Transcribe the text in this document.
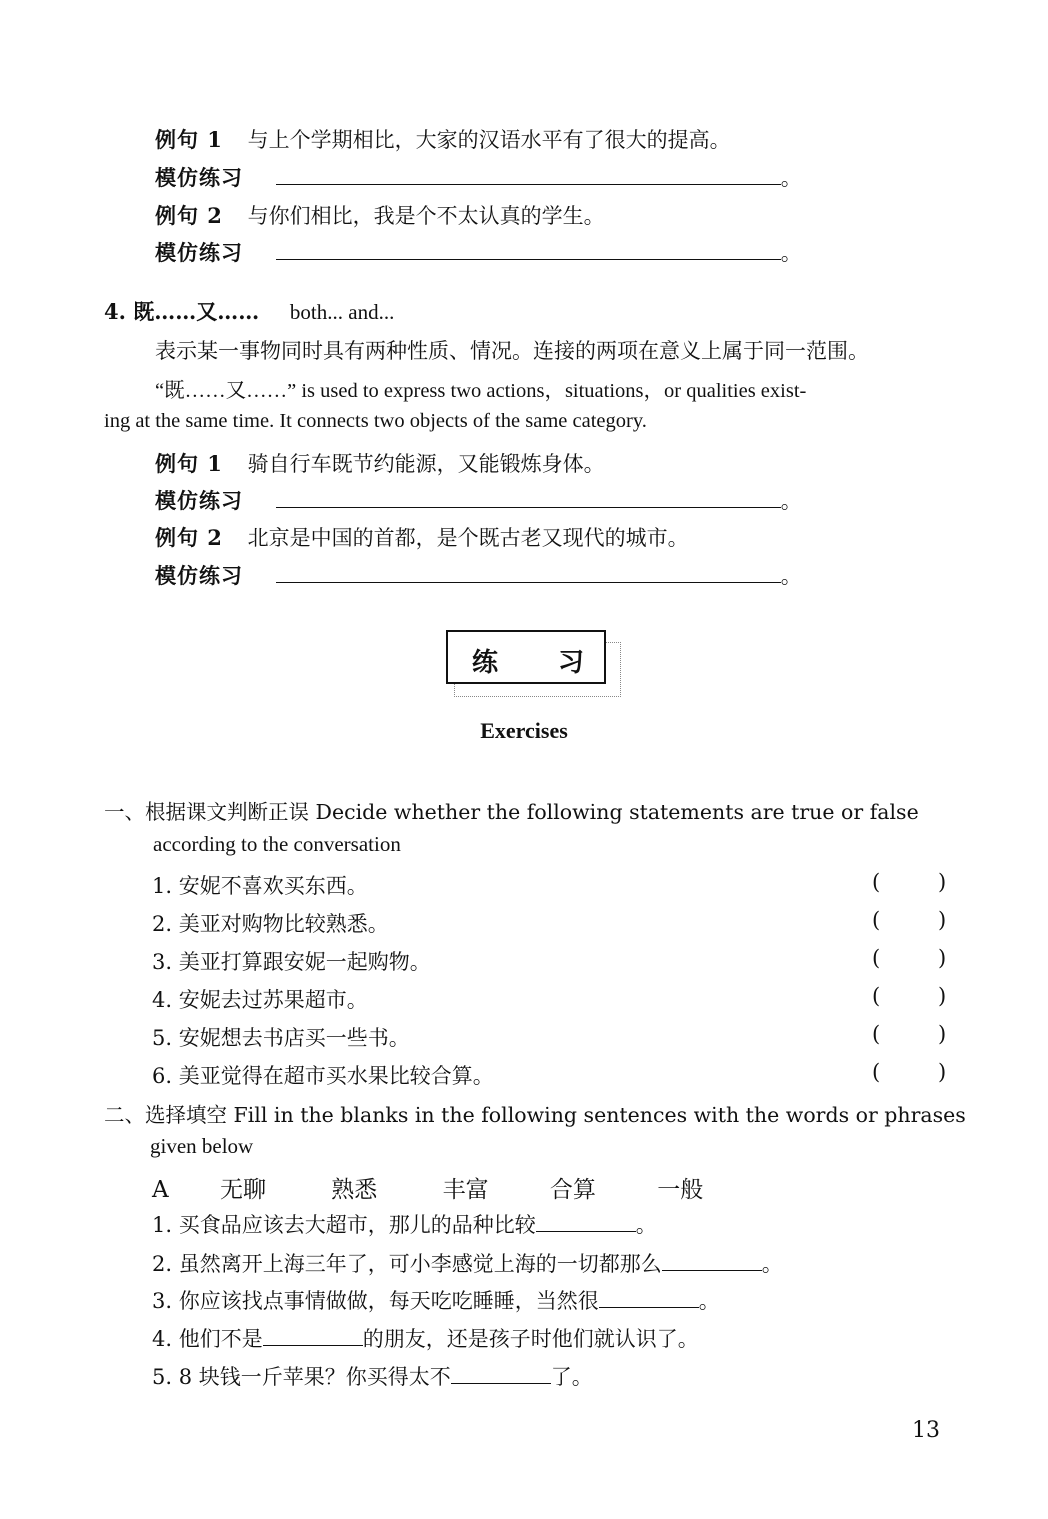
例句 1 与上个学期相比，大家的汉语水平有了很大的提高。
模仿练习	。
例句 2 与你们相比，我是个不太认真的学生。
模仿练习	。
4. 既……又…… both... and...
表示某一事物同时具有两种性质、情况。连接的两项在意义上属于同一范围。
“既……又……” is used to express two actions，situations，or qualities exist-
ing at the same time. It connects two objects of the same category.
例句 1 骑自行车既节约能源，又能锻炼身体。
模仿练习	。
例句 2 北京是中国的首都，是个既古老又现代的城市。
模仿练习	。
练 习
Exercises
一、根据课文判断正误 Decide whether the following statements are true or false
according to the conversation
1. 安妮不喜欢买东西。	(	)
2. 美亚对购物比较熟悉。	(	)
3. 美亚打算跟安妮一起购物。	(	)
4. 安妮去过苏果超市。	(	)
5. 安妮想去书店买一些书。	(	)
6. 美亚觉得在超市买水果比较合算。	(	)
二、选择填空 Fill in the blanks in the following sentences with the words or phrases
given below
A 无聊	熟悉	丰富	合算	一般
1. 买食品应该去大超市，那儿的品种比较	。
2. 虽然离开上海三年了，可小李感觉上海的一切都那么	。
3. 你应该找点事情做做，每天吃吃睡睡，当然很	。
4. 他们不是	的朋友，还是孩子时他们就认识了。
5. 8 块钱一斤苹果？你买得太不	了。
13
